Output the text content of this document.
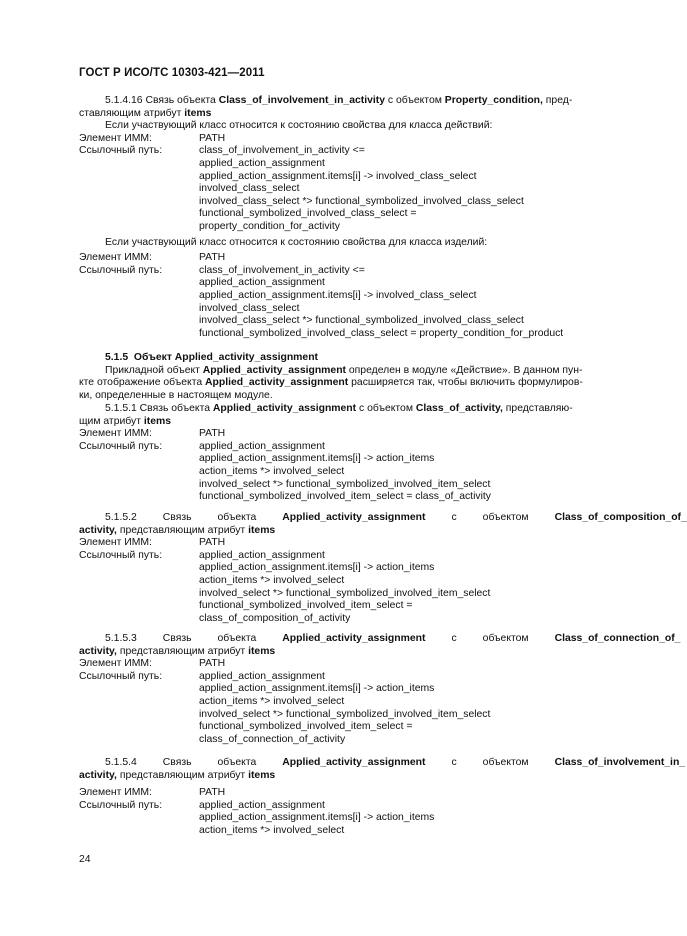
ГОСТ Р ИСО/ТС 10303-421—2011
5.1.4.16 Связь объекта Class_of_involvement_in_activity с объектом Property_condition, пред-
ставляющим атрибут items
Если участвующий класс относится к состоянию свойства для класса действий:
Элемент ИММ:	PATH
Ссылочный путь:	class_of_involvement_in_activity <=
applied_action_assignment
applied_action_assignment.items[i] -> involved_class_select
involved_class_select
involved_class_select *> functional_symbolized_involved_class_select
functional_symbolized_involved_class_select =
property_condition_for_activity
Если участвующий класс относится к состоянию свойства для класса изделий:
Элемент ИММ:	PATH
Ссылочный путь:	class_of_involvement_in_activity <=
applied_action_assignment
applied_action_assignment.items[i] -> involved_class_select
involved_class_select
involved_class_select *> functional_symbolized_involved_class_select
functional_symbolized_involved_class_select = property_condition_for_product
5.1.5 Объект Applied_activity_assignment
Прикладной объект Applied_activity_assignment определен в модуле «Действие». В данном пун-
кте отображение объекта Applied_activity_assignment расширяется так, чтобы включить формулиров-
ки, определенные в настоящем модуле.
5.1.5.1 Связь объекта Applied_activity_assignment с объектом Class_of_activity, представляю-
щим атрибут items
Элемент ИММ:	PATH
Ссылочный путь:	applied_action_assignment
applied_action_assignment.items[i] -> action_items
action_items *> involved_select
involved_select *> functional_symbolized_involved_item_select
functional_symbolized_involved_item_select = class_of_activity
5.1.5.2	Связь	объекта	Applied_activity_assignment	с	объектом	Class_of_composition_of_
activity, представляющим атрибут items
Элемент ИММ:	PATH
Ссылочный путь:	applied_action_assignment
applied_action_assignment.items[i] -> action_items
action_items *> involved_select
involved_select *> functional_symbolized_involved_item_select
functional_symbolized_involved_item_select =
class_of_composition_of_activity
5.1.5.3	Связь	объекта	Applied_activity_assignment	с	объектом	Class_of_connection_of_
activity, представляющим атрибут items
Элемент ИММ:	PATH
Ссылочный путь:	applied_action_assignment
applied_action_assignment.items[i] -> action_items
action_items *> involved_select
involved_select *> functional_symbolized_involved_item_select
functional_symbolized_involved_item_select =
class_of_connection_of_activity
5.1.5.4	Связь	объекта	Applied_activity_assignment	с	объектом	Class_of_involvement_in_
activity, представляющим атрибут items
Элемент ИММ:	PATH
Ссылочный путь:	applied_action_assignment
applied_action_assignment.items[i] -> action_items
action_items *> involved_select
24
